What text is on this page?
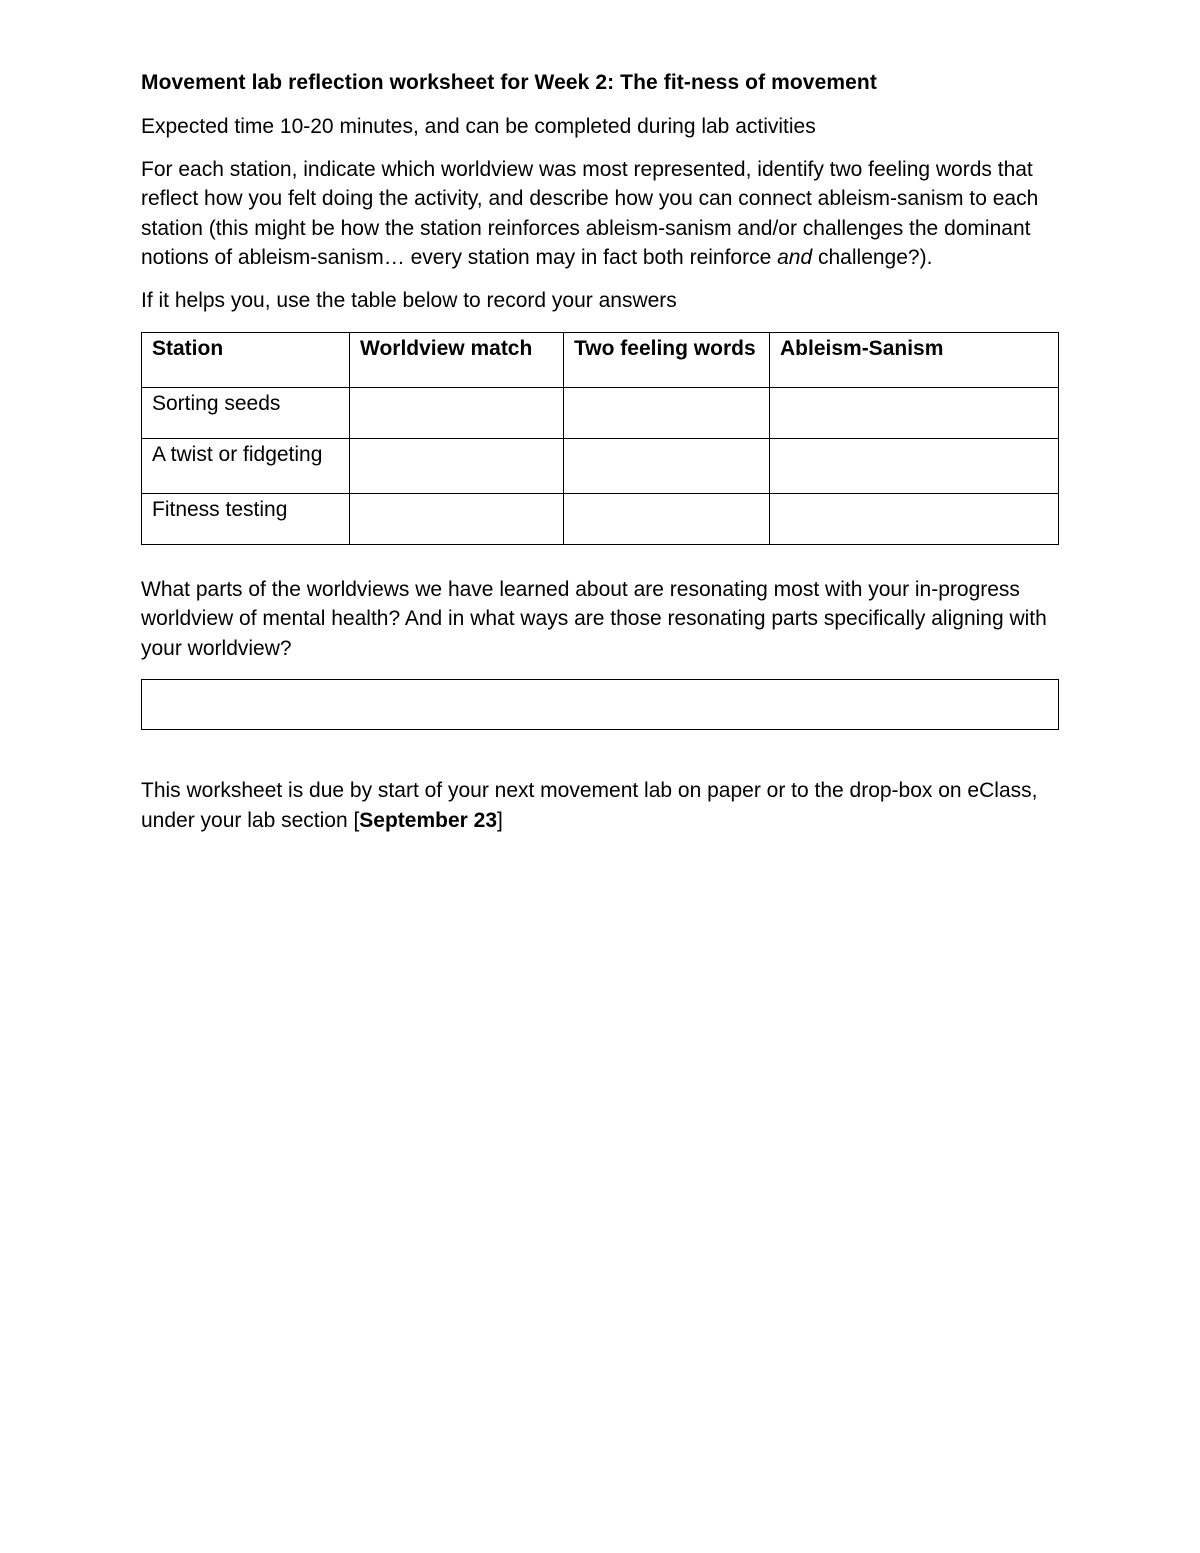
Movement lab reflection worksheet for Week 2: The fit-ness of movement

Expected time 10-20 minutes, and can be completed during lab activities

For each station, indicate which worldview was most represented, identify two feeling words that reflect how you felt doing the activity, and describe how you can connect ableism-sanism to each station (this might be how the station reinforces ableism-sanism and/or challenges the dominant notions of ableism-sanism… every station may in fact both reinforce and challenge?).

If it helps you, use the table below to record your answers

Station	Worldview match	Two feeling words	Ableism-Sanism
Sorting seeds			
A twist or fidgeting			
Fitness testing			

What parts of the worldviews we have learned about are resonating most with your in-progress worldview of mental health? And in what ways are those resonating parts specifically aligning with your worldview?

This worksheet is due by start of your next movement lab on paper or to the drop-box on eClass, under your lab section [September 23]
